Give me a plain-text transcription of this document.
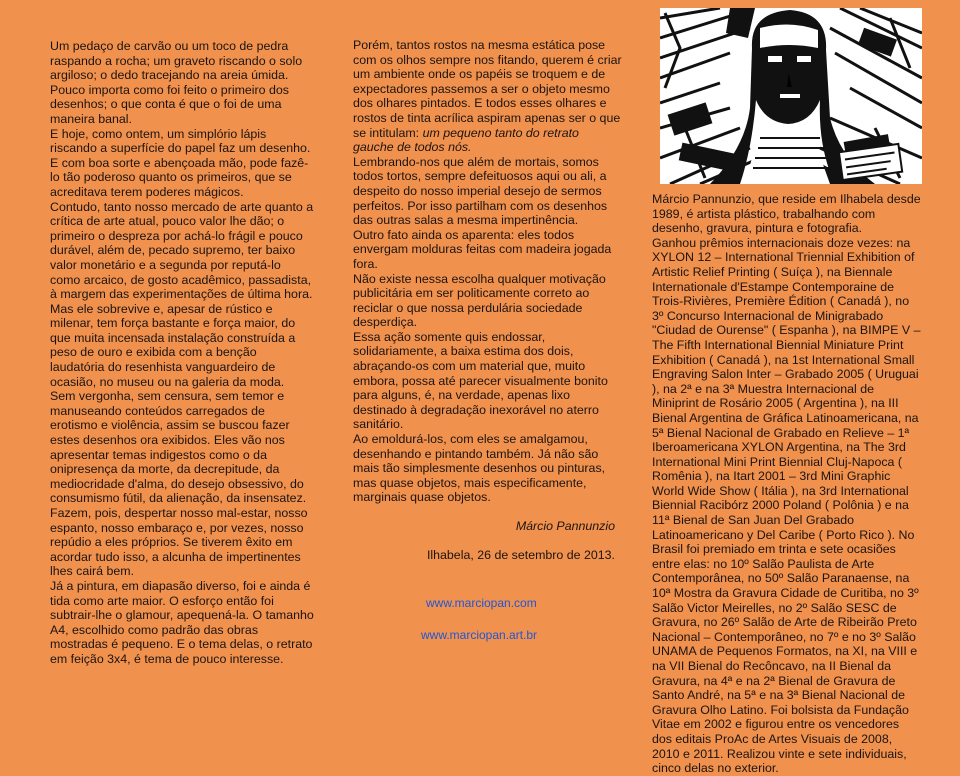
Um pedaço de carvão ou um toco de pedra raspando a rocha; um graveto riscando o solo argiloso; o dedo tracejando na areia úmida. Pouco importa como foi feito o primeiro dos desenhos; o que conta é que o foi de uma maneira banal.

E hoje, como ontem, um simplório lápis riscando a superfície do papel faz um desenho. E com boa sorte e abençoada mão, pode fazê-lo tão poderoso quanto os primeiros, que se acreditava terem poderes mágicos.

Contudo, tanto nosso mercado de arte quanto a crítica de arte atual, pouco valor lhe dão; o primeiro o despreza por achá-lo frágil e pouco durável, além de, pecado supremo, ter baixo valor monetário e a segunda por reputá-lo como arcaico, de gosto acadêmico, passadista, à margem das experimentações de última hora.

Mas ele sobrevive e, apesar de rústico e milenar, tem força bastante e força maior, do que muita incensada instalação construída a peso de ouro e exibida com a benção laudatória do resenhista vanguardeiro de ocasião, no museu ou na galeria da moda.

Sem vergonha, sem censura, sem temor e manuseando conteúdos carregados de erotismo e violência, assim se buscou fazer estes desenhos ora exibidos. Eles vão nos apresentar temas indigestos como o da onipresença da morte, da decrepitude, da mediocridade d'alma, do desejo obsessivo, do consumismo fútil, da alienação, da insensatez. Fazem, pois, despertar nosso mal-estar, nosso espanto, nosso embaraço e, por vezes, nosso repúdio a eles próprios. Se tiverem êxito em acordar tudo isso, a alcunha de impertinentes lhes cairá bem.

Já a pintura, em diapasão diverso, foi e ainda é tida como arte maior. O esforço então foi subtrair-lhe o glamour, apequená-la. O tamanho A4, escolhido como padrão das obras mostradas é pequeno. E o tema delas, o retrato em feição 3x4, é tema de pouco interesse.

Porém, tantos rostos na mesma estática pose com os olhos sempre nos fitando, querem é criar um ambiente onde os papéis se troquem e de expectadores passemos a ser o objeto mesmo dos olhares pintados. E todos esses olhares e rostos de tinta acrílica aspiram apenas ser o que se intitulam: um pequeno tanto do retrato gauche de todos nós.

Lembrando-nos que além de mortais, somos todos tortos, sempre defeituosos aqui ou ali, a despeito do nosso imperial desejo de sermos perfeitos. Por isso partilham com os desenhos das outras salas a mesma impertinência.

Outro fato ainda os aparenta: eles todos envergam molduras feitas com madeira jogada fora.

Não existe nessa escolha qualquer motivação publicitária em ser politicamente correto ao reciclar o que nossa perdulária sociedade desperdiça.

Essa ação somente quis endossar, solidariamente, a baixa estima dos dois, abraçando-os com um material que, muito embora, possa até parecer visualmente bonito para alguns, é, na verdade, apenas lixo destinado à degradação inexorável no aterro sanitário.

Ao emoldurá-los, com eles se amalgamou, desenhando e pintando também. Já não são mais tão simplesmente desenhos ou pinturas, mas quase objetos, mais especificamente, marginais quase objetos.

Márcio Pannunzio

Ilhabela, 26 de setembro de 2013.

www.marciopan.com
www.marciopan.art.br

Márcio Pannunzio, que reside em Ilhabela desde 1989, é artista plástico, trabalhando com desenho, gravura, pintura e fotografia.

Ganhou prêmios internacionais doze vezes: na XYLON 12 – International Triennial Exhibition of Artistic Relief Printing ( Suíça ), na Biennale Internationale d'Estampe Contemporaine de Trois-Rivières, Première Édition ( Canadá ), no 3º Concurso Internacional de Minigrabado "Ciudad de Ourense" ( Espanha ), na BIMPE V – The Fifth International Biennial Miniature Print Exhibition ( Canadá ), na 1st International Small Engraving Salon Inter – Grabado 2005 ( Uruguai ), na 2ª e na 3ª Muestra Internacional de Miniprint de Rosário 2005 ( Argentina ), na III Bienal Argentina de Gráfica Latinoamericana, na 5ª Bienal Nacional de Grabado en Relieve – 1ª Iberoamericana XYLON Argentina, na The 3rd International Mini Print Biennial Cluj-Napoca ( Romênia ), na Itart 2001 – 3rd Mini Graphic World Wide Show ( Itália ), na 3rd International Biennial Racibórz 2000 Poland ( Polônia ) e na 11ª Bienal de San Juan Del Grabado Latinoamericano y Del Caribe ( Porto Rico ). No Brasil foi premiado em trinta e sete ocasiões entre elas: no 10º Salão Paulista de Arte Contemporânea, no 50º Salão Paranaense, na 10ª Mostra da Gravura Cidade de Curitiba, no 3º Salão Victor Meirelles, no 2º Salão SESC de Gravura, no 26º Salão de Arte de Ribeirão Preto Nacional – Contemporâneo, no 7º e no 3º Salão UNAMA de Pequenos Formatos, na XI, na VIII e na VII Bienal do Recôncavo, na II Bienal da Gravura, na 4ª e na 2ª Bienal de Gravura de Santo André, na 5ª e na 3ª Bienal Nacional de Gravura Olho Latino. Foi bolsista da Fundação Vitae em 2002 e figurou entre os vencedores dos editais ProAc de Artes Visuais de 2008, 2010 e 2011. Realizou vinte e sete individuais, cinco delas no exterior.
